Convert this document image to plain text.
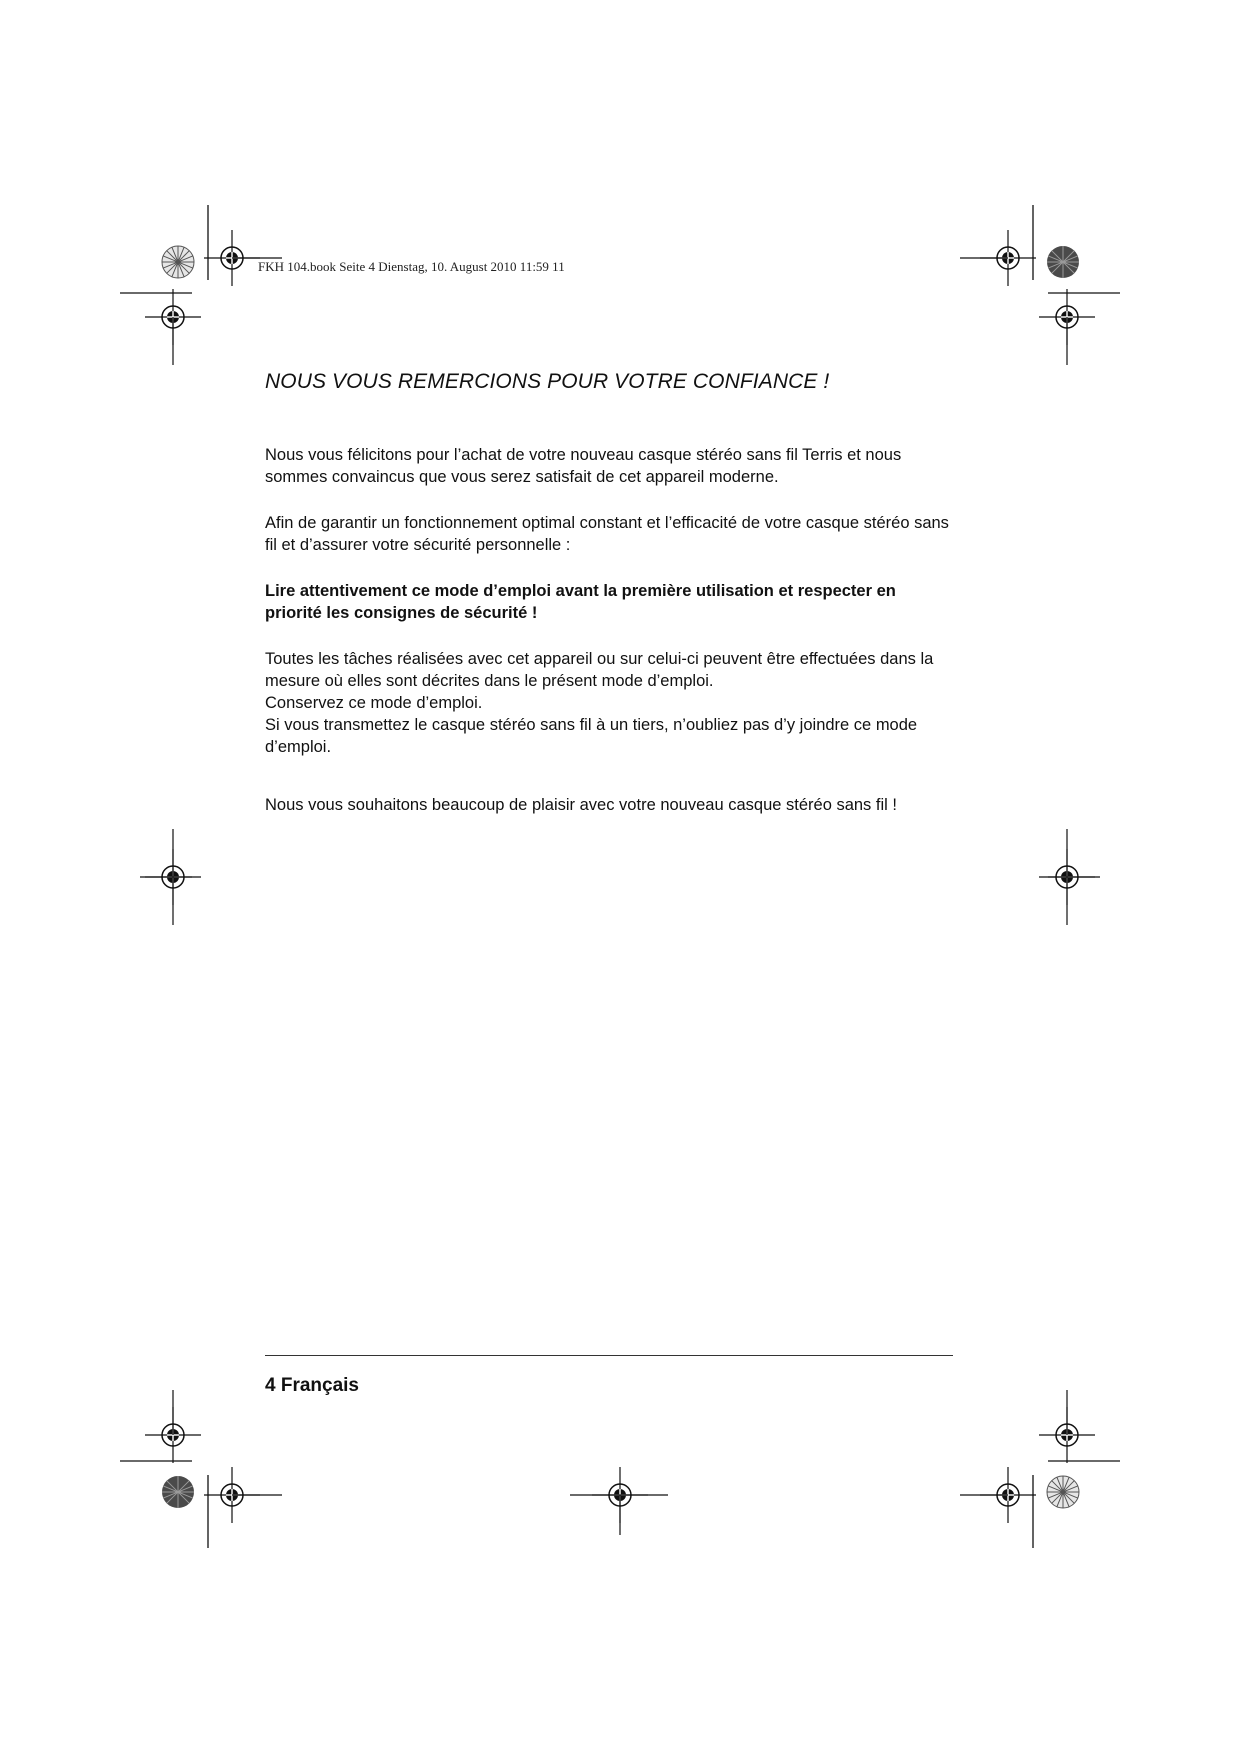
FKH 104.book Seite 4 Dienstag, 10. August 2010 11:59 11
NOUS VOUS REMERCIONS POUR VOTRE CONFIANCE !

Nous vous félicitons pour l’achat de votre nouveau casque stéréo sans fil Terris et nous sommes convaincus que vous serez satisfait de cet appareil moderne.

Afin de garantir un fonctionnement optimal constant et l’efficacité de votre casque stéréo sans fil et d’assurer votre sécurité personnelle :

Lire attentivement ce mode d’emploi avant la première utilisation et respecter en priorité les consignes de sécurité !

Toutes les tâches réalisées avec cet appareil ou sur celui-ci peuvent être effectuées dans la mesure où elles sont décrites dans le présent mode d’emploi.

Conservez ce mode d’emploi.

Si vous transmettez le casque stéréo sans fil à un tiers, n’oubliez pas d’y joindre ce mode d’emploi.

Nous vous souhaitons beaucoup de plaisir avec votre nouveau casque stéréo sans fil !

4 Français
